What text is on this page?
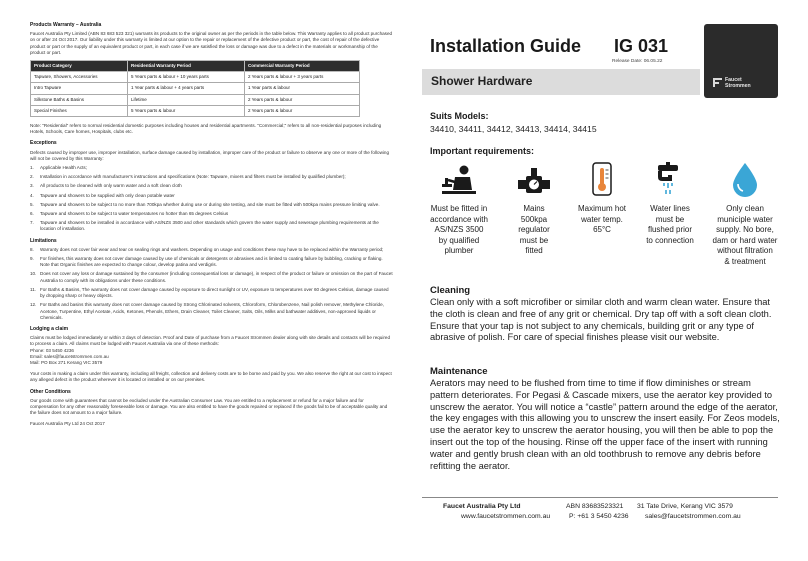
Products Warranty – Australia

Faucet Australia Pty Limited (ABN 83 683 523 321) warrants its products to the original owner as per the periods in the table below. This Warranty applies to all product purchased on or after 24 Oct 2017. Our liability under this warranty is limited at our option to the repair or replacement of the defective product or part, the cost of repair of the defective product or part or the supply of an equivalent product or part, in each case if we are satisfied the loss or damage was due to a defect in the materials or workmanship of the product or part.

Product Category	Residential Warranty Period	Commercial Warranty Period
Tapware, Showers, Accessories	5 Years parts & labour + 10 years parts	2 Years parts & labour + 3 years parts
Intro Tapware	1 Year parts & labour + 4 years parts	1 Year parts & labour
Silkstone Baths & Basins	Lifetime	2 Years parts & labour
Special Finishes	5 Years parts & labour	2 Years parts & labour

Note: "Residential" refers to normal residential domestic purposes including houses and residential apartments. "Commercial;" refers to all non-residential purposes including Hotels, Schools, Care homes, Hospitals, clubs etc.

Exceptions

Defects caused by improper use, improper installation, surface damage caused by installation, improper care of the product or failure to observe any one or more of the following will not be covered by this Warranty:

1.	Applicable Health Acts;
2.	Installation in accordance with manufacturer's instructions and specifications (Note: Tapware, mixers and filters must be installed by qualified plumber);
3.	All products to be cleaned with only warm water and a soft clean cloth
4.	Tapware and showers to be supplied with only clean potable water
5.	Tapware and showers to be subject to no more than 700kpa whether during use or during site testing, and site must be fitted with 500kpa mains pressure limiting valve.
6.	Tapware and showers to be subject to water temperatures no hotter than 65 degrees Celsius
7.	Tapware and showers to be installed in accordance with AS/NZS 3500 and other standards which govern the water supply and sewerage plumbing requirements at the location of installation.

Limitations

8.	Warranty does not cover fair wear and tear on sealing rings and washers. Depending on usage and conditions these may have to be replaced within the Warranty period;
9.	For finishes, this warranty does not cover damage caused by use of chemicals or detergents or abrasives and is limited to coating failure by bubbling, cracking or flaking. Note that Organic finishes are expected to change colour, develop patina and verdigris.
10. Does not cover any loss or damage sustained by the consumer (including consequential loss or damage), in respect of the product or failure or omission on the part of Faucet Australia to comply with its obligations under these conditions.
11. For Baths & Basins, The warranty does not cover damage caused by exposure to direct sunlight or UV, exposure to temperatures over 60 degrees Celsius, damage caused by dropping sharp or heavy objects.
12. For Baths and basins this warranty does not cover damage caused by Strong Chlorinated solvents, Chloroform, Chlorobenzene, Nail polish remover, Methylene Chloride, Acetone, Turpentine, Ethyl Acetate, Acids, Ketones, Phenols, Ethers, Drain Cleaner, Toilet Cleaner, Salts, Oils, Milks and bathwater additives, non-approved liquids or Chemicals.

Lodging a claim

Claims must be lodged immediately or within 3 days of detection. Proof and Date of purchase from a Faucet Strommen dealer along with site details and contacts will be required to process a claim. All claims must be lodged with Faucet Australia via one of these methods:
Phone: 03 5450 4236
Email: sales@faucetstrommen.com.au

Mail: PO Box 271 Kerang VIC 3579

Your costs in making a claim under this warranty, including all freight, collection and delivery costs are to be borne and paid by you. We also reserve the right at our cost to inspect any alleged defect in the product wherever it is located or installed or on our premises.

Other Conditions

Our goods come with guarantees that cannot be excluded under the Australian Consumer Law. You are entitled to a replacement or refund for a major failure and for compensation for any other reasonably foreseeable loss or damage. You are also entitled to have the goods repaired or replaced if the goods fail to be of acceptable quality and the failure does not amount to a major failure.

Faucet Australia Pty Ltd 24 Oct 2017

Installation Guide IG 031
Release Date: 06.05.22
Faucet
Strommen
Shower Hardware
Suits Models:
34410, 34411, 34412, 34413, 34414, 34415
Important requirements:
Must be fitted in
accordance with
AS/NZS 3500
by qualified
plumber
Mains
500kpa
regulator
must be
fitted
Maximum hot
water temp.
65°C
Water lines
must be
flushed prior
to connection
Only clean
municiple water
supply. No bore,
dam or hard water
without filtration
& treatment
Cleaning
Clean only with a soft microfiber or similar cloth and warm clean water. Ensure that the cloth is clean and free of any grit or chemical. Dry tap off with a soft clean cloth. Ensure that your tap is not subject to any chemicals, building grit or any type of abrasive of polish. For care of special finishes please visit our website.
Maintenance
Aerators may need to be flushed from time to time if flow diminishes or stream pattern deteriorates. For Pegasi & Cascade mixers, use the aerator key provided to unscrew the aerator. You will notice a “castle” pattern around the edge of the aerator, the key engages with this allowing you to unscrew the insert easily. For Zeos models, use the aerator key to unscrew the aerator housing, you will then be able to pop the insert out the top of the housing. Rinse off the upper face of the insert with running water and gently brush clean with an old toothbrush to remove any debris before refitting the aerator.
Faucet Australia Pty Ltd	ABN 83683523321 31 Tate Drive, Kerang VIC 3579
www.faucetstrommen.com.au	P: +61 3 5450 4236 sales@faucetstrommen.com.au
